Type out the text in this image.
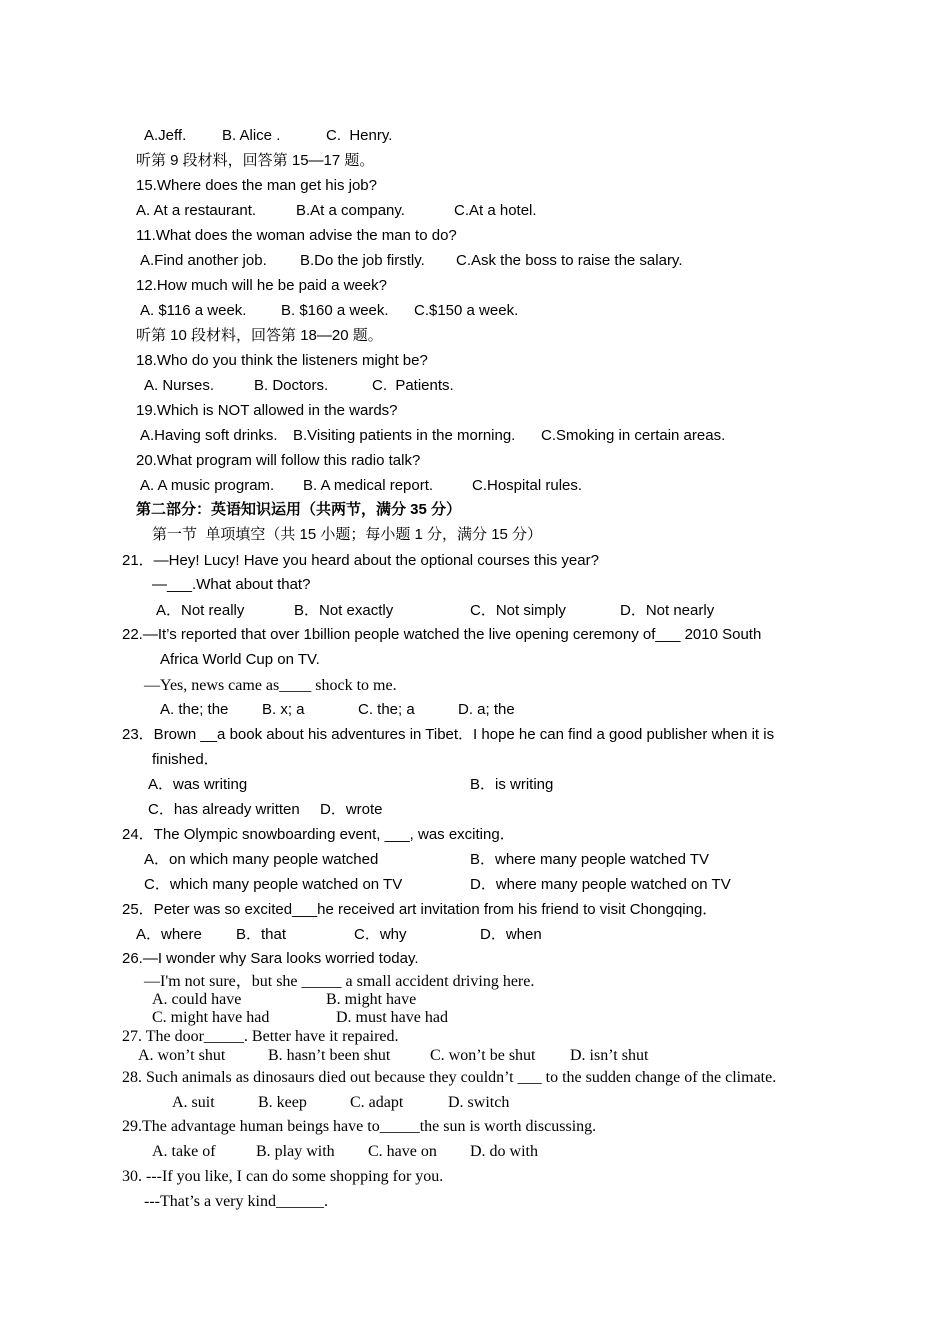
A.Jeff. B. Alice .	C.  Henry.
听第 9 段材料，回答第 15—17 题。
15.Where does the man get his job?
A. At a restaurant.	B.At a company.	C.At a hotel.
11.What does the woman advise the man to do?
A.Find another job. B.Do the job firstly. C.Ask the boss to raise the salary.
12.How much will he be paid a week?
A. $116 a week. B. $160 a week. C.$150 a week.
听第 10 段材料，回答第 18—20 题。
18.Who do you think the listeners might be?
A. Nurses.	B. Doctors.	C.  Patients.
19.Which is NOT allowed in the wards?
A.Having soft drinks. B.Visiting patients in the morning. C.Smoking in certain areas.
20.What program will follow this radio talk?
A. A music program. B. A medical report.	C.Hospital rules.
第二部分：英语知识运用（共两节，满分 35 分）
第一节  单项填空（共 15 小题；每小题 1 分，满分 15 分）
21．—Hey! Lucy! Have you heard about the optional courses this year?
—___.What about that?
A．Not really	B．Not exactly	C．Not simply	D．Not nearly
22.—It’s reported that over 1billion people watched the live opening ceremony of___ 2010 South
Africa World Cup on TV.
—Yes, news came as____ shock to me.
A. the; the B. x; a	C. the; a	D. a; the
23．Brown __a book about his adventures in Tibet．I hope he can find a good publisher when it is
finished．
A．was writing	B．is writing
C．has already written D．wrote
24．The Olympic snowboarding event, ___, was exciting．
A．on which many people watched	B．where many people watched TV
C．which many people watched on TV	D．where many people watched on TV
25．Peter was so excited___he received art invitation from his friend to visit Chongqing．
A．where B．that	C．why	D．when
26.—I wonder why Sara looks worried today.
—I'm not sure，but she _____ a small accident driving here.
A. could have	B. might have
C. might have had	D. must have had
27. The door_____. Better have it repaired.
A. won’t shut	B. hasn’t been shut C. won’t be shut D. isn’t shut
28. Such animals as dinosaurs died out because they couldn’t ___ to the sudden change of the climate.
A. suit	B. keep	C. adapt	D. switch
29.The advantage human beings have to_____the sun is worth discussing.
A. take of	B. play with C. have on D. do with
30. ---If you like, I can do some shopping for you.
---That’s a very kind______.
